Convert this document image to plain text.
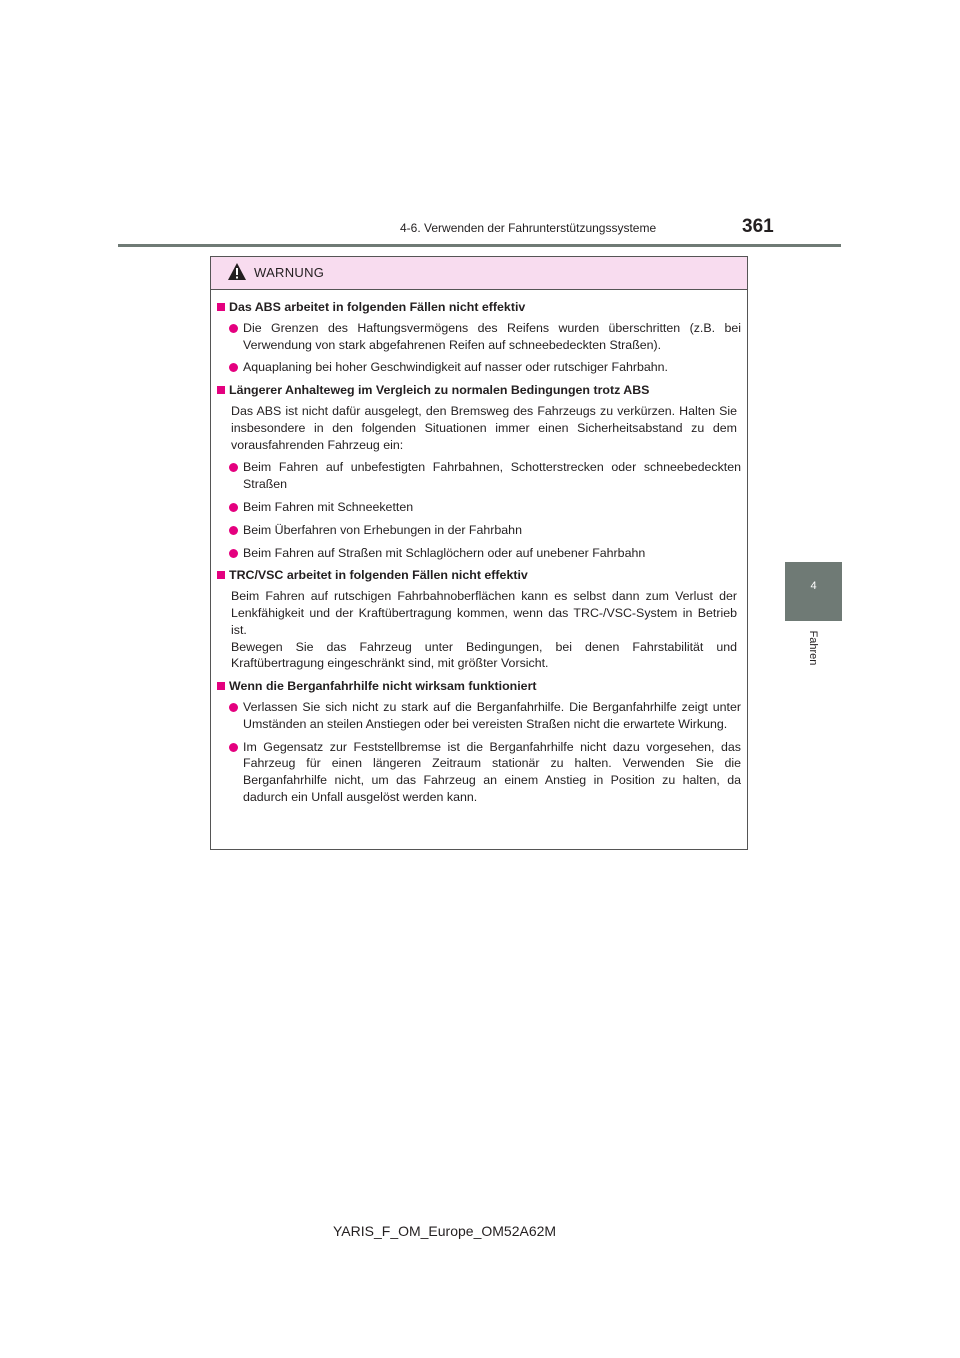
4-6. Verwenden der Fahrunterstützungssysteme	361
4
Fahren
WARNUNG
Das ABS arbeitet in folgenden Fällen nicht effektiv
Die Grenzen des Haftungsvermögens des Reifens wurden überschritten (z.B. bei Verwendung von stark abgefahrenen Reifen auf schneebedeckten Straßen).
Aquaplaning bei hoher Geschwindigkeit auf nasser oder rutschiger Fahrbahn.
Längerer Anhalteweg im Vergleich zu normalen Bedingungen trotz ABS
Das ABS ist nicht dafür ausgelegt, den Bremsweg des Fahrzeugs zu verkürzen. Halten Sie insbesondere in den folgenden Situationen immer einen Sicherheitsabstand zu dem vorausfahrenden Fahrzeug ein:
Beim Fahren auf unbefestigten Fahrbahnen, Schotterstrecken oder schneebedeckten Straßen
Beim Fahren mit Schneeketten
Beim Überfahren von Erhebungen in der Fahrbahn
Beim Fahren auf Straßen mit Schlaglöchern oder auf unebener Fahrbahn
TRC/VSC arbeitet in folgenden Fällen nicht effektiv
Beim Fahren auf rutschigen Fahrbahnoberflächen kann es selbst dann zum Verlust der Lenkfähigkeit und der Kraftübertragung kommen, wenn das TRC-/VSC-System in Betrieb ist.
Bewegen Sie das Fahrzeug unter Bedingungen, bei denen Fahrstabilität und Kraftübertragung eingeschränkt sind, mit größter Vorsicht.
Wenn die Berganfahrhilfe nicht wirksam funktioniert
Verlassen Sie sich nicht zu stark auf die Berganfahrhilfe. Die Berganfahrhilfe zeigt unter Umständen an steilen Anstiegen oder bei vereisten Straßen nicht die erwartete Wirkung.
Im Gegensatz zur Feststellbremse ist die Berganfahrhilfe nicht dazu vorgesehen, das Fahrzeug für einen längeren Zeitraum stationär zu halten. Verwenden Sie die Berganfahrhilfe nicht, um das Fahrzeug an einem Anstieg in Position zu halten, da dadurch ein Unfall ausgelöst werden kann.
YARIS_F_OM_Europe_OM52A62M
